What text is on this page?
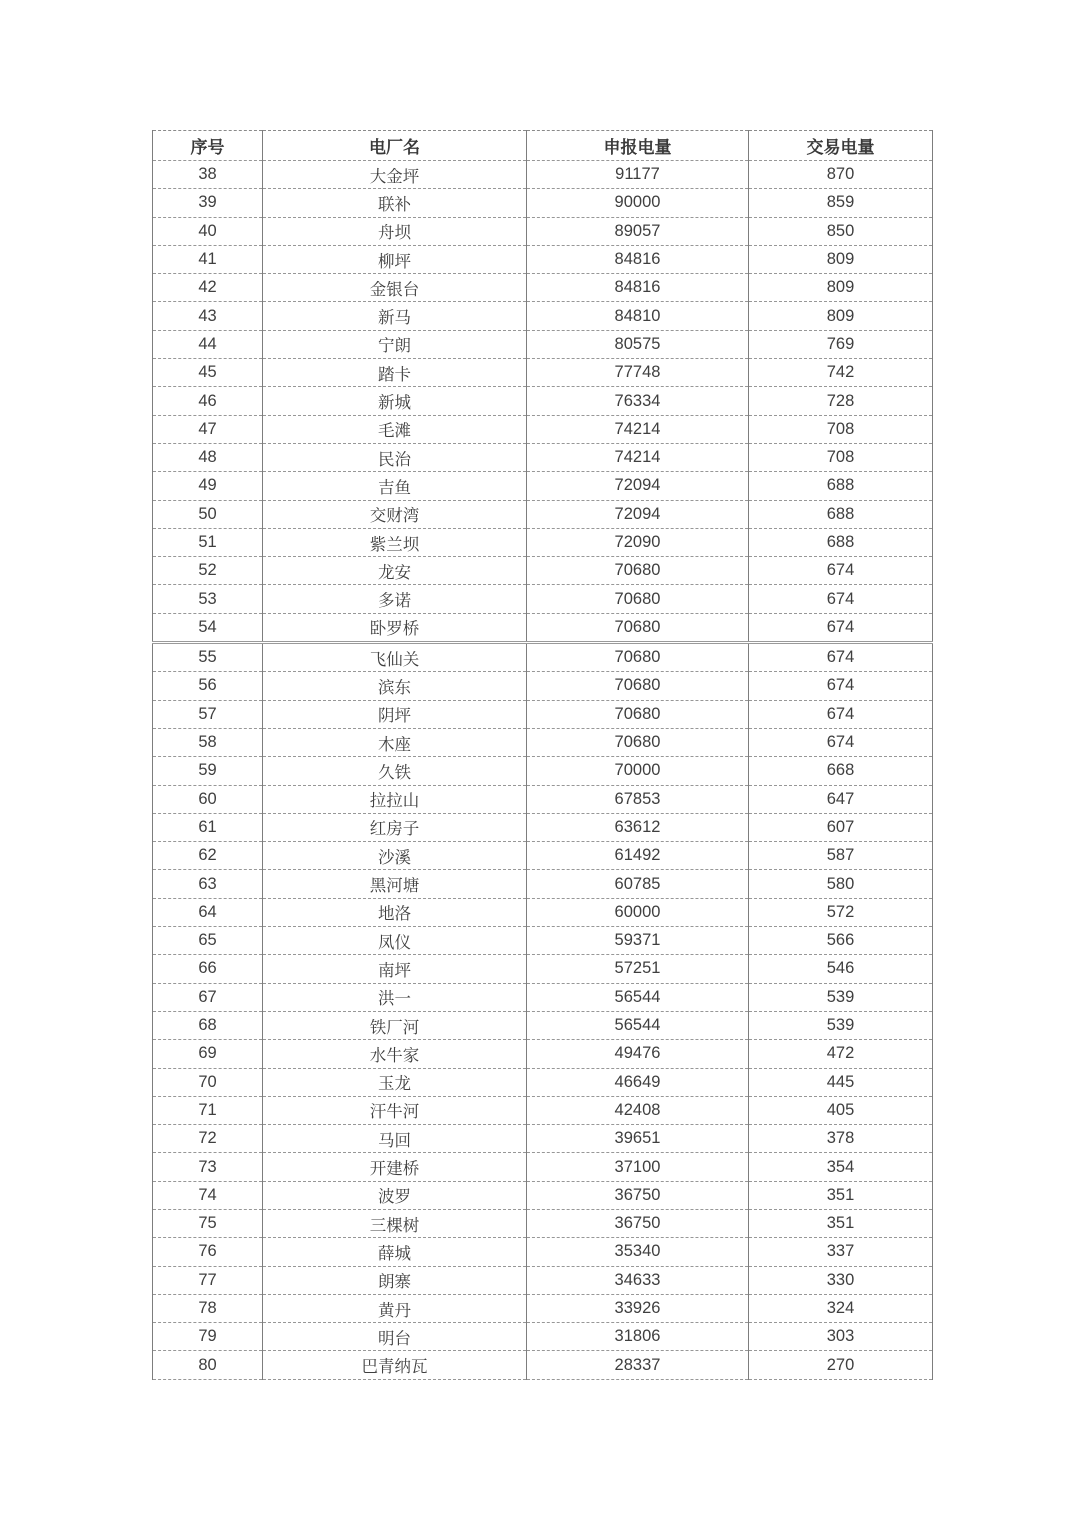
序号	电厂名	申报电量	交易电量
38	大金坪	91177	870
39	联补	90000	859
40	舟坝	89057	850
41	柳坪	84816	809
42	金银台	84816	809
43	新马	84810	809
44	宁朗	80575	769
45	踏卡	77748	742
46	新城	76334	728
47	毛滩	74214	708
48	民治	74214	708
49	吉鱼	72094	688
50	交财湾	72094	688
51	紫兰坝	72090	688
52	龙安	70680	674
53	多诺	70680	674
54	卧罗桥	70680	674
55	飞仙关	70680	674
56	滨东	70680	674
57	阴坪	70680	674
58	木座	70680	674
59	久铁	70000	668
60	拉拉山	67853	647
61	红房子	63612	607
62	沙溪	61492	587
63	黑河塘	60785	580
64	地洛	60000	572
65	凤仪	59371	566
66	南坪	57251	546
67	洪一	56544	539
68	铁厂河	56544	539
69	水牛家	49476	472
70	玉龙	46649	445
71	汗牛河	42408	405
72	马回	39651	378
73	开建桥	37100	354
74	波罗	36750	351
75	三棵树	36750	351
76	薛城	35340	337
77	朗寨	34633	330
78	黄丹	33926	324
79	明台	31806	303
80	巴青纳瓦	28337	270
